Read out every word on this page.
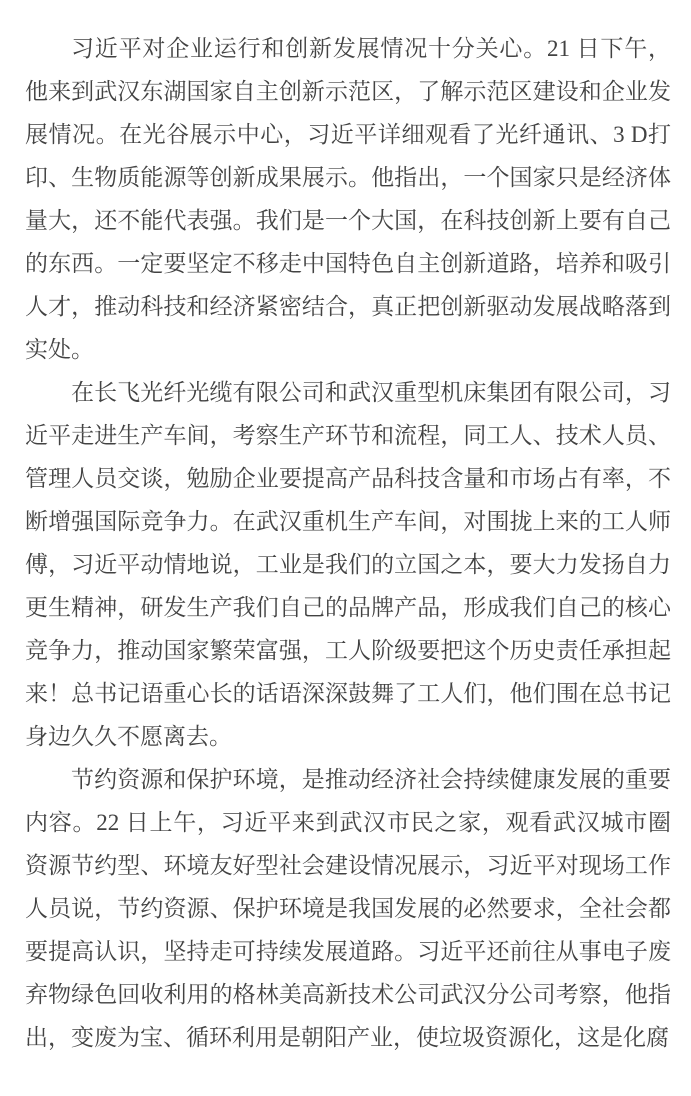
习近平对企业运行和创新发展情况十分关心。21 日下午，他来到武汉东湖国家自主创新示范区，了解示范区建设和企业发展情况。在光谷展示中心，习近平详细观看了光纤通讯、3 D打印、生物质能源等创新成果展示。他指出，一个国家只是经济体量大，还不能代表强。我们是一个大国，在科技创新上要有自己的东西。一定要坚定不移走中国特色自主创新道路，培养和吸引人才，推动科技和经济紧密结合，真正把创新驱动发展战略落到实处。

在长飞光纤光缆有限公司和武汉重型机床集团有限公司，习近平走进生产车间，考察生产环节和流程，同工人、技术人员、管理人员交谈，勉励企业要提高产品科技含量和市场占有率，不断增强国际竞争力。在武汉重机生产车间，对围拢上来的工人师傅，习近平动情地说，工业是我们的立国之本，要大力发扬自力更生精神，研发生产我们自己的品牌产品，形成我们自己的核心竞争力，推动国家繁荣富强，工人阶级要把这个历史责任承担起来！总书记语重心长的话语深深鼓舞了工人们，他们围在总书记身边久久不愿离去。

节约资源和保护环境，是推动经济社会持续健康发展的重要内容。22 日上午，习近平来到武汉市民之家，观看武汉城市圈资源节约型、环境友好型社会建设情况展示，习近平对现场工作人员说，节约资源、保护环境是我国发展的必然要求，全社会都要提高认识，坚持走可持续发展道路。习近平还前往从事电子废弃物绿色回收利用的格林美高新技术公司武汉分公司考察，他指出，变废为宝、循环利用是朝阳产业，使垃圾资源化，这是化腐
